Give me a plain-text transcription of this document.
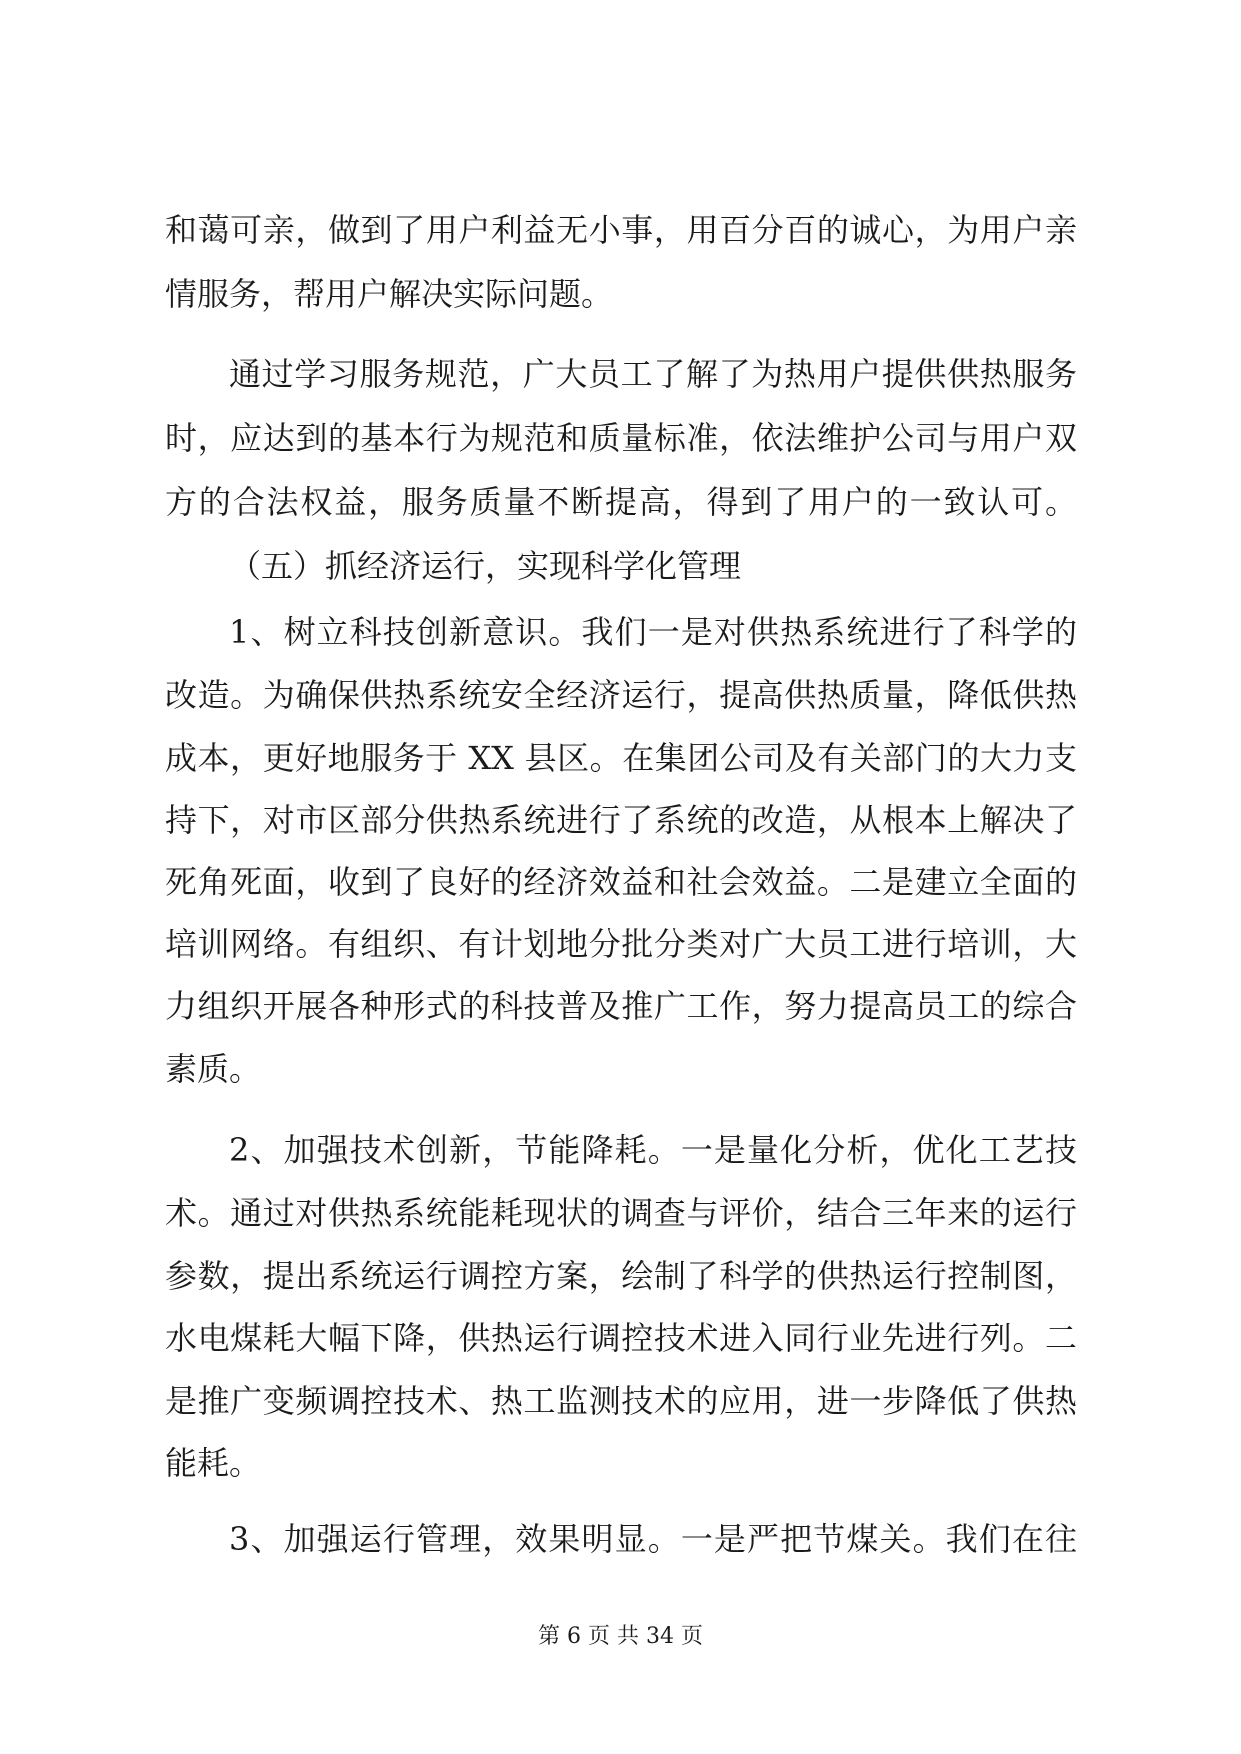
和蔼可亲，做到了用户利益无小事，用百分百的诚心，为用户亲
情服务，帮用户解决实际问题。
通过学习服务规范，广大员工了解了为热用户提供供热服务
时，应达到的基本行为规范和质量标准，依法维护公司与用户双
方的合法权益，服务质量不断提高，得到了用户的一致认可。
（五）抓经济运行，实现科学化管理
1、树立科技创新意识。我们一是对供热系统进行了科学的
改造。为确保供热系统安全经济运行，提高供热质量，降低供热
成本，更好地服务于 XX 县区。在集团公司及有关部门的大力支
持下，对市区部分供热系统进行了系统的改造，从根本上解决了
死角死面，收到了良好的经济效益和社会效益。二是建立全面的
培训网络。有组织、有计划地分批分类对广大员工进行培训，大
力组织开展各种形式的科技普及推广工作，努力提高员工的综合
素质。
2、加强技术创新，节能降耗。一是量化分析，优化工艺技
术。通过对供热系统能耗现状的调查与评价，结合三年来的运行
参数，提出系统运行调控方案，绘制了科学的供热运行控制图，
水电煤耗大幅下降，供热运行调控技术进入同行业先进行列。二
是推广变频调控技术、热工监测技术的应用，进一步降低了供热
能耗。
3、加强运行管理，效果明显。一是严把节煤关。我们在往
第 6 页 共 34 页
